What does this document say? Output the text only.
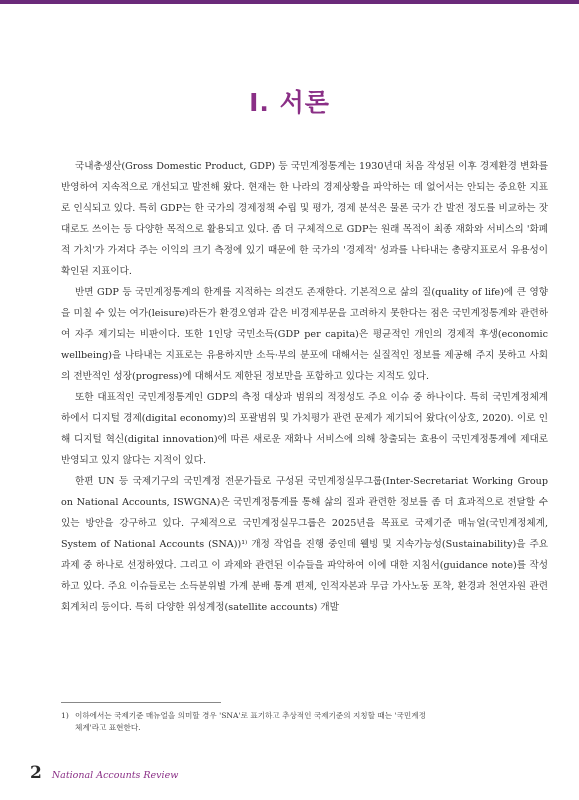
Ⅰ. 서론

국내총생산(Gross Domestic Product, GDP) 등 국민계정통계는 1930년대 처음 작성된 이후 경제환경 변화를 반영하여 지속적으로 개선되고 발전해 왔다. 현재는 한 나라의 경제상황을 파악하는 데 없어서는 안되는 중요한 지표로 인식되고 있다. 특히 GDP는 한 국가의 경제정책 수립 및 평가, 경제 분석은 물론 국가 간 발전 정도를 비교하는 잣대로도 쓰이는 등 다양한 목적으로 활용되고 있다. 좀 더 구체적으로 GDP는 원래 목적이 최종 재화와 서비스의 '화폐적 가치'가 가져다 주는 이익의 크기 측정에 있기 때문에 한 국가의 '경제적' 성과를 나타내는 총량지표로서 유용성이 확인된 지표이다.

반면 GDP 등 국민계정통계의 한계를 지적하는 의견도 존재한다. 기본적으로 삶의 질(quality of life)에 큰 영향을 미칠 수 있는 여가(leisure)라든가 환경오염과 같은 비경제부문을 고려하지 못한다는 점은 국민계정통계와 관련하여 자주 제기되는 비판이다. 또한 1인당 국민소득(GDP per capita)은 평균적인 개인의 경제적 후생(economic wellbeing)을 나타내는 지표로는 유용하지만 소득·부의 분포에 대해서는 실질적인 정보를 제공해 주지 못하고 사회의 전반적인 성장(progress)에 대해서도 제한된 정보만을 포함하고 있다는 지적도 있다.

또한 대표적인 국민계정통계인 GDP의 측정 대상과 범위의 적정성도 주요 이슈 중 하나이다. 특히 국민계정체계 하에서 디지털 경제(digital economy)의 포괄범위 및 가치평가 관련 문제가 제기되어 왔다(이상호, 2020). 이로 인해 디지털 혁신(digital innovation)에 따른 새로운 재화나 서비스에 의해 창출되는 효용이 국민계정통계에 제대로 반영되고 있지 않다는 지적이 있다.

한편 UN 등 국제기구의 국민계정 전문가들로 구성된 국민계정실무그룹(Inter-Secretariat Working Group on National Accounts, ISWGNA)은 국민계정통계를 통해 삶의 질과 관련한 정보를 좀 더 효과적으로 전달할 수 있는 방안을 강구하고 있다. 구체적으로 국민계정실무그룹은 2025년을 목표로 국제기준 매뉴얼(국민계정체계, System of National Accounts (SNA))¹⁾ 개정 작업을 진행 중인데 웰빙 및 지속가능성(Sustainability)을 주요 과제 중 하나로 선정하였다. 그리고 이 과제와 관련된 이슈들을 파악하여 이에 대한 지침서(guidance note)를 작성하고 있다. 주요 이슈들로는 소득분위별 가계 분배 통계 편제, 인적자본과 무급 가사노동 포착, 환경과 천연자원 관련 회계처리 등이다. 특히 다양한 위성계정(satellite accounts) 개발

1) 이하에서는 국제기준 매뉴얼을 의미할 경우 'SNA'로 표기하고 추상적인 국제기준의 지칭할 때는 '국민계정
체계'라고 표현한다.
2 National Accounts Review
